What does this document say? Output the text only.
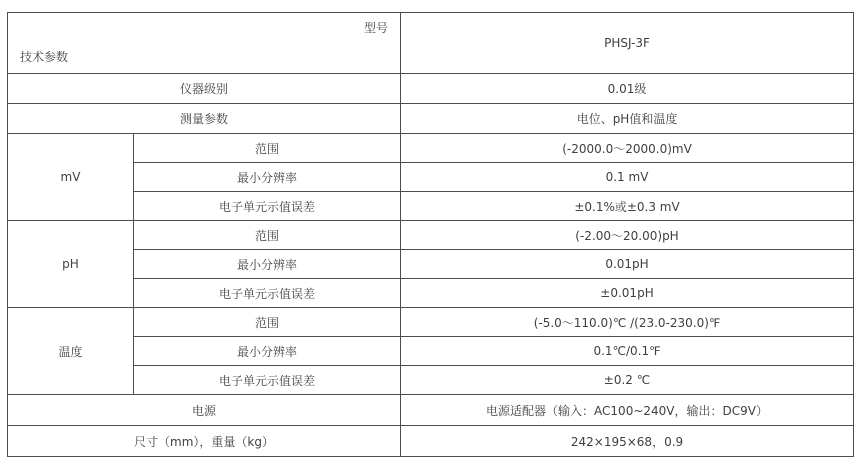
型号
技术参数		PHSJ-3F
仪器级别		0.01级
测量参数		电位、pH值和温度
mV	范围	(-2000.0～2000.0)mV
	最小分辨率	0.1 mV
	电子单元示值误差	±0.1%或±0.3 mV
pH	范围	(-2.00～20.00)pH
	最小分辨率	0.01pH
	电子单元示值误差	±0.01pH
温度	范围	(-5.0～110.0)℃ /(23.0-230.0)℉
	最小分辨率	0.1℃/0.1℉
	电子单元示值误差	±0.2 ℃
电源		电源适配器（输入：AC100~240V，输出：DC9V）
尺寸（mm），重量（kg）		242×195×68，0.9
